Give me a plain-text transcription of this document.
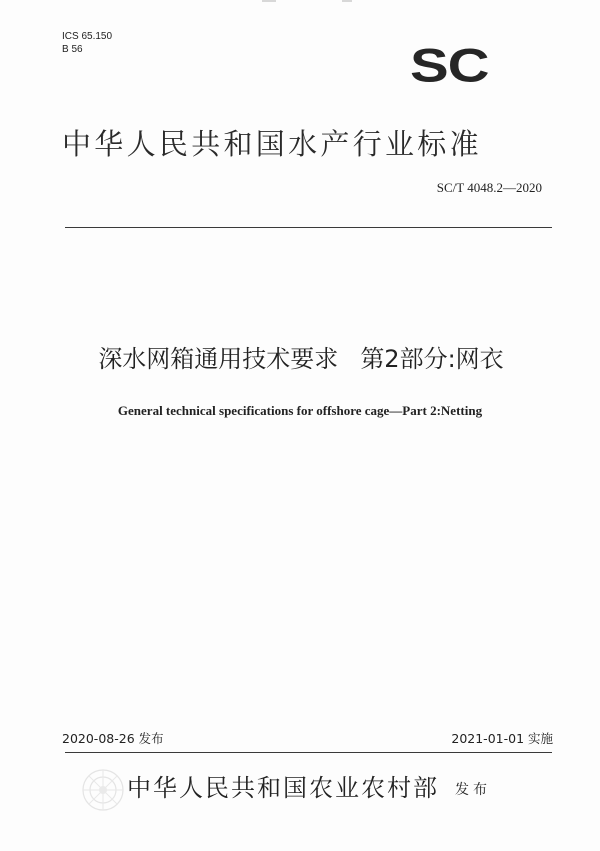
ICS 65.150
B 56	SC
中华人民共和国水产行业标准
SC/T 4048.2—2020
深水网箱通用技术要求 第2部分:网衣
General technical specifications for offshore cage—Part 2:Netting
2020-08-26 发布	2021-01-01 实施
中华人民共和国农业农村部 发布
